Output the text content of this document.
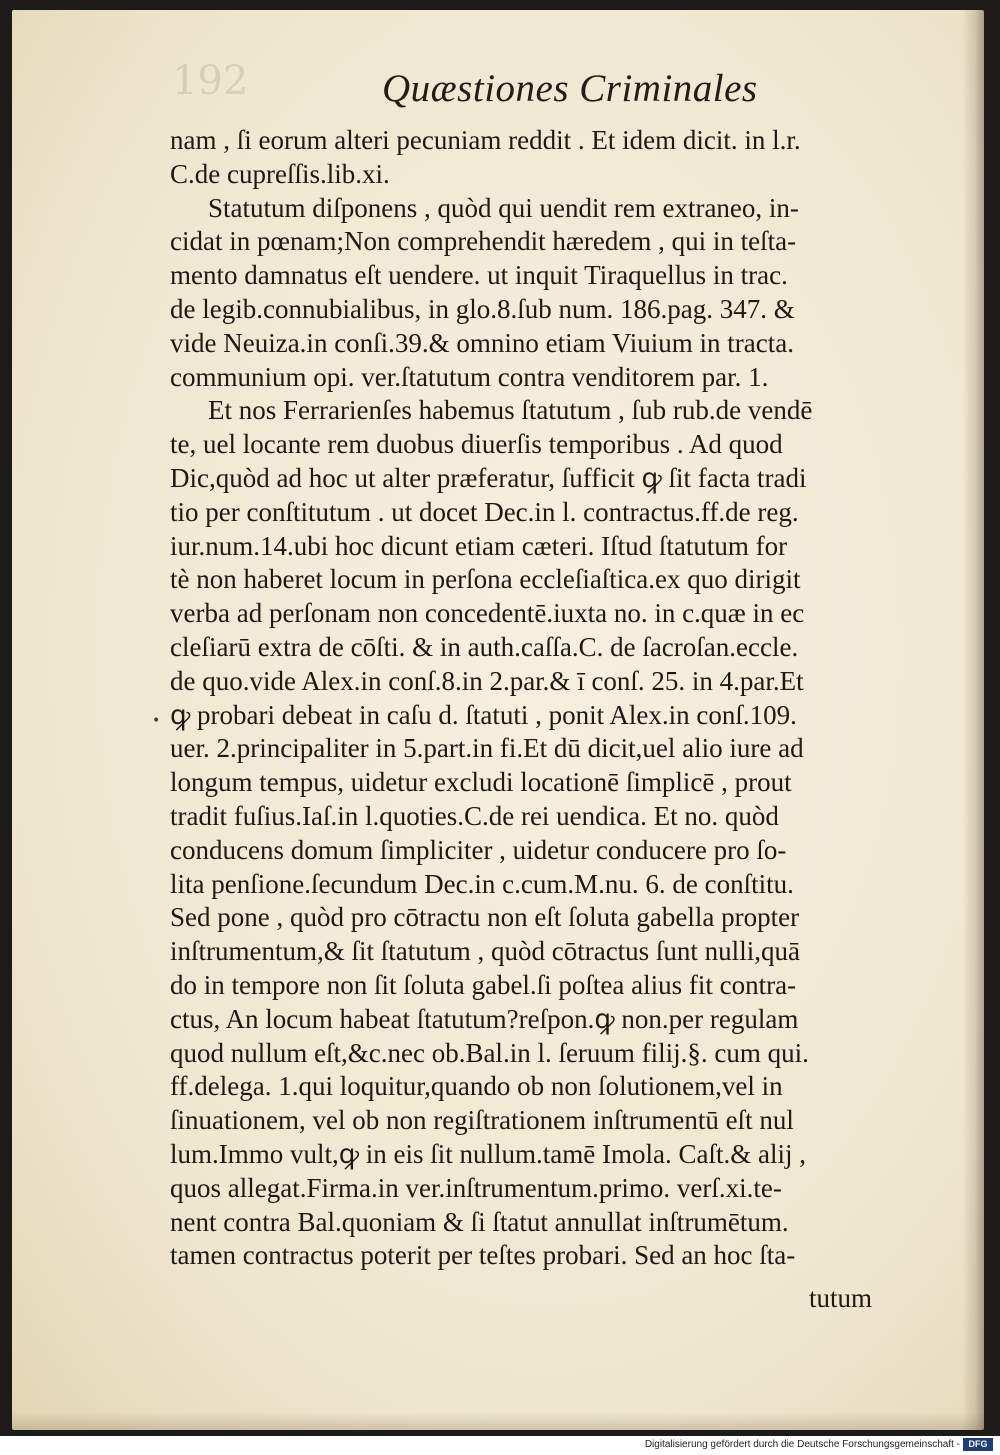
192	Quæstiones Criminales
nam , ſi eorum alteri pecuniam reddit . Et idem dicit. in l.r.
C.de cupreſſis.lib.xi.
Statutum diſponens , quòd qui uendit rem extraneo, in-
cidat in pœnam;Non comprehendit hæredem , qui in teſta-
mento damnatus eſt uendere. ut inquit Tiraquellus in trac.
de legib.connubialibus, in glo.8.ſub num. 186.pag. 347. &
vide Neuiza.in conſi.39.& omnino etiam Viuium in tracta.
communium opi. ver.ſtatutum contra venditorem par. 1.
Et nos Ferrarienſes habemus ſtatutum , ſub rub.de vendē
te, uel locante rem duobus diuerſis temporibus . Ad quod
Dic,quòd ad hoc ut alter præferatur, ſufficit ꝙ ſit facta tradi
tio per conſtitutum . ut docet Dec.in l. contractus.ff.de reg.
iur.num.14.ubi hoc dicunt etiam cæteri. Iſtud ſtatutum for
tè non haberet locum in perſona eccleſiaſtica.ex quo dirigit
verba ad perſonam non concedentē.iuxta no. in c.quæ in ec
cleſiarū extra de cōſti. & in auth.caſſa.C. de ſacroſan.eccle.
de quo.vide Alex.in conſ.8.in 2.par.& ī conſ. 25. in 4.par.Et
ꝙ probari debeat in caſu d. ſtatuti , ponit Alex.in conſ.109.
uer. 2.principaliter in 5.part.in fi.Et dū dicit,uel alio iure ad
longum tempus, uidetur excludi locationē ſimplicē , prout
tradit fuſius.Iaſ.in l.quoties.C.de rei uendica. Et no. quòd
conducens domum ſimpliciter , uidetur conducere pro ſo-
lita penſione.ſecundum Dec.in c.cum.M.nu. 6. de conſtitu.
Sed pone , quòd pro cōtractu non eſt ſoluta gabella propter
inſtrumentum,& ſit ſtatutum , quòd cōtractus ſunt nulli,quā
do in tempore non ſit ſoluta gabel.ſi poſtea alius fit contra-
ctus, An locum habeat ſtatutum?reſpon.ꝙ non.per regulam
quod nullum eſt,&c.nec ob.Bal.in l. ſeruum filij.§. cum qui.
ff.delega. 1.qui loquitur,quando ob non ſolutionem,vel in
ſinuationem, vel ob non regiſtrationem inſtrumentū eſt nul
lum.Immo vult,ꝙ in eis ſit nullum.tamē Imola. Caſt.& alij ,
quos allegat.Firma.in ver.inſtrumentum.primo. verſ.xi.te-
nent contra Bal.quoniam & ſi ſtatut annullat inſtrumētum.
tamen contractus poterit per teſtes probari. Sed an hoc ſta-
•
tutum
Digitalisierung gefördert durch die Deutsche Forschungsgemeinschaft - DFG
